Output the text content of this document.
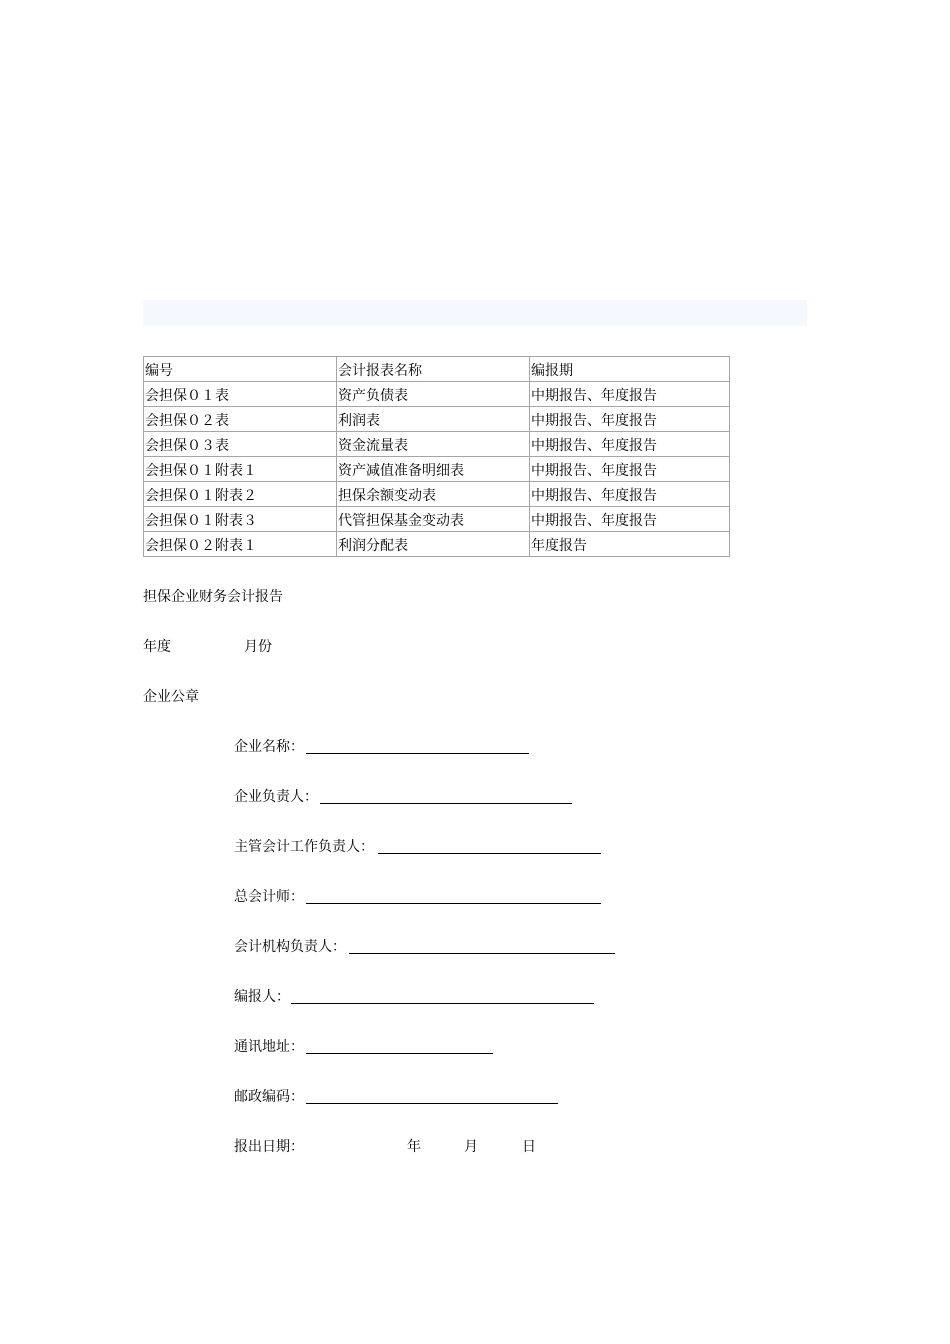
编号	会计报表名称	编报期
会担保０１表	资产负债表	中期报告、年度报告
会担保０２表	利润表	中期报告、年度报告
会担保０３表	资金流量表	中期报告、年度报告
会担保０１附表１	资产减值准备明细表	中期报告、年度报告
会担保０１附表２	担保余额变动表	中期报告、年度报告
会担保０１附表３	代管担保基金变动表	中期报告、年度报告
会担保０２附表１	利润分配表	年度报告
担保企业财务会计报告
年度	月份
企业公章
企业名称：
企业负责人：
主管会计工作负责人：
总会计师：
会计机构负责人：
编报人：
通讯地址：
邮政编码：
报出日期：	年	月	日
